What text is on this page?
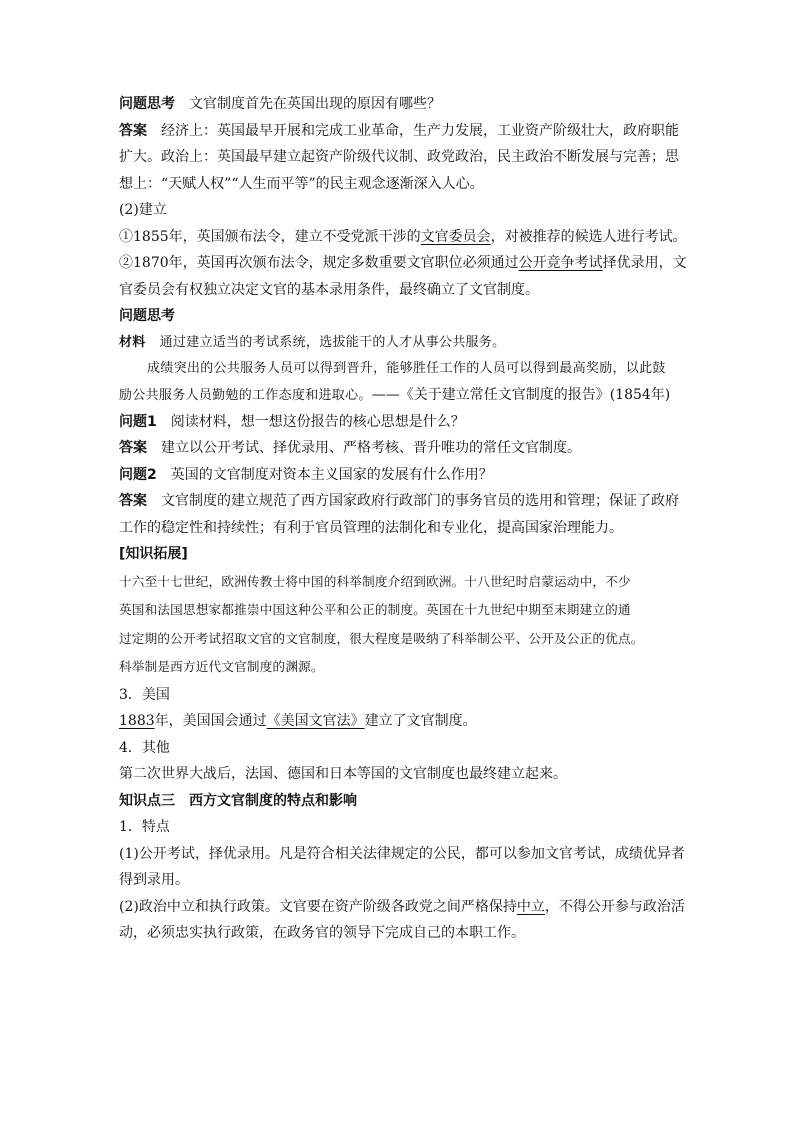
问题思考 文官制度首先在英国出现的原因有哪些？
答案 经济上：英国最早开展和完成工业革命，生产力发展，工业资产阶级壮大，政府职能
扩大。政治上：英国最早建立起资产阶级代议制、政党政治，民主政治不断发展与完善；思
想上：“天赋人权”“人生而平等”的民主观念逐渐深入人心。
(2)建立
①1855年，英国颁布法令，建立不受党派干涉的文官委员会，对被推荐的候选人进行考试。
②1870年，英国再次颁布法令，规定多数重要文官职位必须通过公开竞争考试择优录用，文
官委员会有权独立决定文官的基本录用条件，最终确立了文官制度。
问题思考
材料 通过建立适当的考试系统，选拔能干的人才从事公共服务。
成绩突出的公共服务人员可以得到晋升，能够胜任工作的人员可以得到最高奖励，以此鼓
励公共服务人员勤勉的工作态度和进取心。——《关于建立常任文官制度的报告》(1854年)
问题1 阅读材料，想一想这份报告的核心思想是什么？
答案 建立以公开考试、择优录用、严格考核、晋升唯功的常任文官制度。
问题2 英国的文官制度对资本主义国家的发展有什么作用？
答案 文官制度的建立规范了西方国家政府行政部门的事务官员的选用和管理；保证了政府
工作的稳定性和持续性；有利于官员管理的法制化和专业化，提高国家治理能力。
[知识拓展]
十六至十七世纪，欧洲传教士将中国的科举制度介绍到欧洲。十八世纪时启蒙运动中，不少
英国和法国思想家都推崇中国这种公平和公正的制度。英国在十九世纪中期至末期建立的通
过定期的公开考试招取文官的文官制度，很大程度是吸纳了科举制公平、公开及公正的优点。
科举制是西方近代文官制度的渊源。
3．美国
1883年，美国国会通过《美国文官法》建立了文官制度。
4．其他
第二次世界大战后，法国、德国和日本等国的文官制度也最终建立起来。
知识点三　西方文官制度的特点和影响
1．特点
(1)公开考试，择优录用。凡是符合相关法律规定的公民，都可以参加文官考试，成绩优异者
得到录用。
(2)政治中立和执行政策。文官要在资产阶级各政党之间严格保持中立，不得公开参与政治活
动，必须忠实执行政策，在政务官的领导下完成自己的本职工作。
